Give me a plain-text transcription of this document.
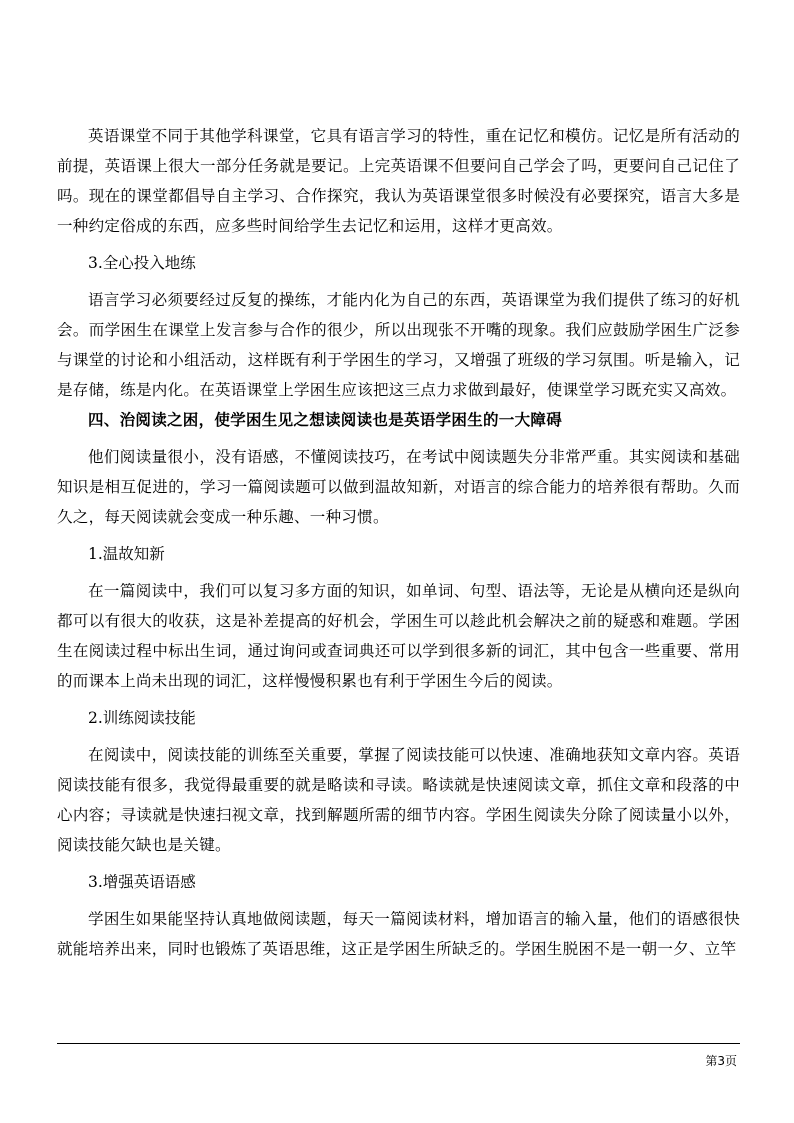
英语课堂不同于其他学科课堂，它具有语言学习的特性，重在记忆和模仿。记忆是所有活动的前提，英语课上很大一部分任务就是要记。上完英语课不但要问自己学会了吗，更要问自己记住了吗。现在的课堂都倡导自主学习、合作探究，我认为英语课堂很多时候没有必要探究，语言大多是一种约定俗成的东西，应多些时间给学生去记忆和运用，这样才更高效。

3.全心投入地练

语言学习必须要经过反复的操练，才能内化为自己的东西，英语课堂为我们提供了练习的好机会。而学困生在课堂上发言参与合作的很少，所以出现张不开嘴的现象。我们应鼓励学困生广泛参与课堂的讨论和小组活动，这样既有利于学困生的学习，又增强了班级的学习氛围。听是输入，记是存储，练是内化。在英语课堂上学困生应该把这三点力求做到最好，使课堂学习既充实又高效。

四、治阅读之困，使学困生见之想读阅读也是英语学困生的一大障碍

他们阅读量很小，没有语感，不懂阅读技巧，在考试中阅读题失分非常严重。其实阅读和基础知识是相互促进的，学习一篇阅读题可以做到温故知新，对语言的综合能力的培养很有帮助。久而久之，每天阅读就会变成一种乐趣、一种习惯。

1.温故知新

在一篇阅读中，我们可以复习多方面的知识，如单词、句型、语法等，无论是从横向还是纵向都可以有很大的收获，这是补差提高的好机会，学困生可以趁此机会解决之前的疑惑和难题。学困生在阅读过程中标出生词，通过询问或查词典还可以学到很多新的词汇，其中包含一些重要、常用的而课本上尚未出现的词汇，这样慢慢积累也有利于学困生今后的阅读。

2.训练阅读技能

在阅读中，阅读技能的训练至关重要，掌握了阅读技能可以快速、准确地获知文章内容。英语阅读技能有很多，我觉得最重要的就是略读和寻读。略读就是快速阅读文章，抓住文章和段落的中心内容；寻读就是快速扫视文章，找到解题所需的细节内容。学困生阅读失分除了阅读量小以外，阅读技能欠缺也是关键。

3.增强英语语感

学困生如果能坚持认真地做阅读题，每天一篇阅读材料，增加语言的输入量，他们的语感很快就能培养出来，同时也锻炼了英语思维，这正是学困生所缺乏的。学困生脱困不是一朝一夕、立竿

第3页
